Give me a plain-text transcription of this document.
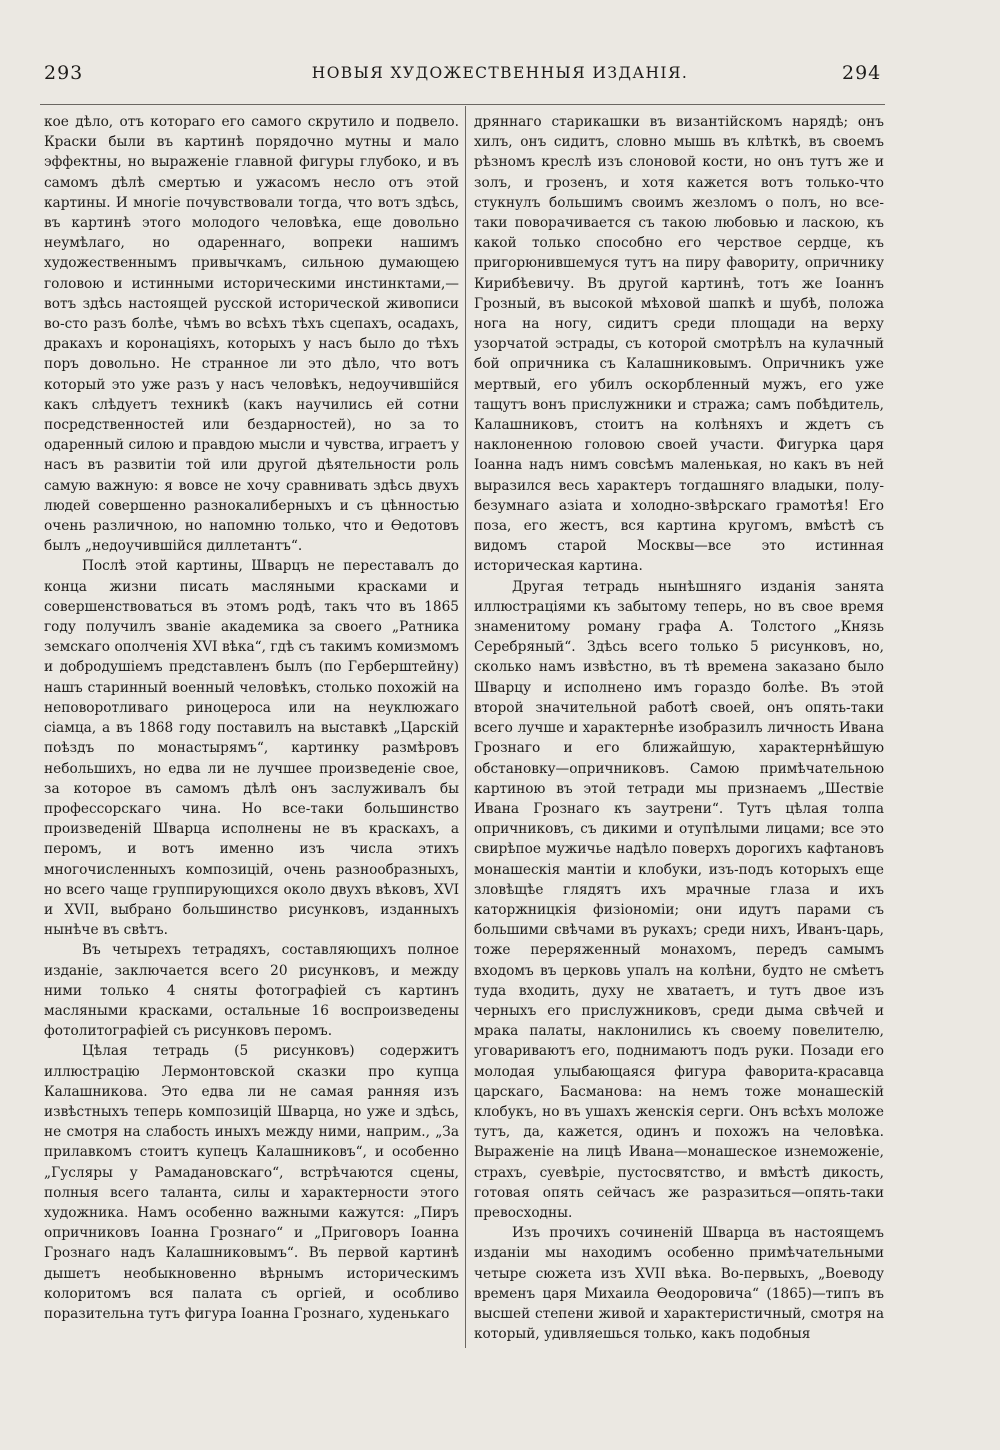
293	НОВЫЯ ХУДОЖЕСТВЕННЫЯ ИЗДАНІЯ.	294

кое дѣло, отъ котораго его самого скрутило и подвело. Краски были въ картинѣ порядочно мутны и мало эффектны, но выраженіе главной фигуры глубоко, и въ самомъ дѣлѣ смертью и ужасомъ несло отъ этой картины. И многіе почувствовали тогда, что вотъ здѣсь, въ картинѣ этого молодого человѣка, еще довольно неумѣлаго, но одареннаго, вопреки нашимъ художественнымъ привычкамъ, сильною думающею головою и истинными историческими инстинктами,—вотъ здѣсь настоящей русской исторической живописи во-сто разъ болѣе, чѣмъ во всѣхъ тѣхъ сцепахъ, осадахъ, дракахъ и коронаціяхъ, которыхъ у насъ было до тѣхъ поръ довольно. Не странное ли это дѣло, что вотъ который это уже разъ у насъ человѣкъ, недоучившійся какъ слѣдуетъ техникѣ (какъ научились ей сотни посредственностей или бездарностей), но за то одаренный силою и правдою мысли и чувства, играетъ у насъ въ развитіи той или другой дѣятельности роль самую важную: я вовсе не хочу сравнивать здѣсь двухъ людей совершенно разнокалиберныхъ и съ цѣнностью очень различною, но напомню только, что и Ѳедотовъ былъ „недоучившійся диллетантъ“.

Послѣ этой картины, Шварцъ не переставалъ до конца жизни писать масляными красками и совершенствоваться въ этомъ родѣ, такъ что въ 1865 году получилъ званіе академика за своего „Ратника земскаго ополченія XVI вѣка“, гдѣ съ такимъ комизмомъ и добродушіемъ представленъ былъ (по Герберштейну) нашъ старинный военный человѣкъ, столько похожій на неповоротливаго риноцероса или на неуклюжаго сіамца, а въ 1868 году поставилъ на выставкѣ „Царскій поѣздъ по монастырямъ“, картинку размѣровъ небольшихъ, но едва ли не лучшее произведеніе свое, за которое въ самомъ дѣлѣ онъ заслуживалъ бы профессорскаго чина. Но все-таки большинство произведеній Шварца исполнены не въ краскахъ, а перомъ, и вотъ именно изъ числа этихъ многочисленныхъ композицій, очень разнообразныхъ, но всего чаще группирующихся около двухъ вѣковъ, XVI и XVII, выбрано большинство рисунковъ, изданныхъ нынѣче въ свѣтъ.

Въ четырехъ тетрадяхъ, составляющихъ полное изданіе, заключается всего 20 рисунковъ, и между ними только 4 сняты фотографіей съ картинъ масляными красками, остальные 16 воспроизведены фотолитографіей съ рисунковъ перомъ.

Цѣлая тетрадь (5 рисунковъ) содержитъ иллюстрацію Лермонтовской сказки про купца Калашникова. Это едва ли не самая ранняя изъ извѣстныхъ теперь композицій Шварца, но уже и здѣсь, не смотря на слабость иныхъ между ними, наприм., „За прилавкомъ стоитъ купецъ Калашниковъ“, и особенно „Гусляры у Рамадановскаго“, встрѣчаются сцены, полныя всего таланта, силы и характерности этого художника. Намъ особенно важными кажутся: „Пиръ опричниковъ Іоанна Грознаго“ и „Приговоръ Іоанна Грознаго надъ Калашниковымъ“. Въ первой картинѣ дышетъ необыкновенно вѣрнымъ историческимъ колоритомъ вся палата съ оргіей, и особливо поразительна тутъ фигура Іоанна Грознаго, худенькаго

дряннаго старикашки въ византійскомъ нарядѣ; онъ хилъ, онъ сидитъ, словно мышь въ клѣткѣ, въ своемъ рѣзномъ креслѣ изъ слоновой кости, но онъ тутъ же и золъ, и грозенъ, и хотя кажется вотъ только-что стукнулъ большимъ своимъ жезломъ о полъ, но все-таки поворачивается съ такою любовью и ласкою, къ какой только способно его черствое сердце, къ пригорюнившемуся тутъ на пиру фавориту, опричнику Кирибѣевичу. Въ другой картинѣ, тотъ же Іоаннъ Грозный, въ высокой мѣховой шапкѣ и шубѣ, положа нога на ногу, сидитъ среди площади на верху узорчатой эстрады, съ которой смотрѣлъ на кулачный бой опричника съ Калашниковымъ. Опричникъ уже мертвый, его убилъ оскорбленный мужъ, его уже тащутъ вонъ прислужники и стража; самъ побѣдитель, Калашниковъ, стоитъ на колѣняхъ и ждетъ съ наклоненною головою своей участи. Фигурка царя Іоанна надъ нимъ совсѣмъ маленькая, но какъ въ ней выразился весь характеръ тогдашняго владыки, полу-безумнаго азіата и холодно-звѣрскаго грамотѣя! Его поза, его жестъ, вся картина кругомъ, вмѣстѣ съ видомъ старой Москвы—все это истинная историческая картина.

Другая тетрадь нынѣшняго изданія занята иллюстраціями къ забытому теперь, но въ свое время знаменитому роману графа А. Толстого „Князь Серебряный“. Здѣсь всего только 5 рисунковъ, но, сколько намъ извѣстно, въ тѣ времена заказано было Шварцу и исполнено имъ гораздо болѣе. Въ этой второй значительной работѣ своей, онъ опять-таки всего лучше и характернѣе изобразилъ личность Ивана Грознаго и его ближайшую, характернѣйшую обстановку—опричниковъ. Самою примѣчательною картиною въ этой тетради мы признаемъ „Шествіе Ивана Грознаго къ заутрени“. Тутъ цѣлая толпа опричниковъ, съ дикими и отупѣлыми лицами; все это свирѣпое мужичье надѣло поверхъ дорогихъ кафтановъ монашескія мантіи и клобуки, изъ-подъ которыхъ еще зловѣщѣе глядятъ ихъ мрачные глаза и ихъ каторжницкія физіономіи; они идутъ парами съ большими свѣчами въ рукахъ; среди нихъ, Иванъ-царь, тоже переряженный монахомъ, передъ самымъ входомъ въ церковь упалъ на колѣни, будто не смѣетъ туда входить, духу не хватаетъ, и тутъ двое изъ черныхъ его прислужниковъ, среди дыма свѣчей и мрака палаты, наклонились къ своему повелителю, уговариваютъ его, поднимаютъ подъ руки. Позади его молодая улыбающаяся фигура фаворита-красавца царскаго, Басманова: на немъ тоже монашескій клобукъ, но въ ушахъ женскія серги. Онъ всѣхъ моложе тутъ, да, кажется, одинъ и похожъ на человѣка. Выраженіе на лицѣ Ивана—монашеское изнеможеніе, страхъ, суевѣріе, пустосвятство, и вмѣстѣ дикость, готовая опять сейчасъ же разразиться—опять-таки превосходны.

Изъ прочихъ сочиненій Шварца въ настоящемъ изданіи мы находимъ особенно примѣчательными четыре сюжета изъ XVII вѣка. Во-первыхъ, „Воеводу временъ царя Михаила Ѳеодоровича“ (1865)—типъ въ высшей степени живой и характеристичный, смотря на который, удивляешься только, какъ подобныя
